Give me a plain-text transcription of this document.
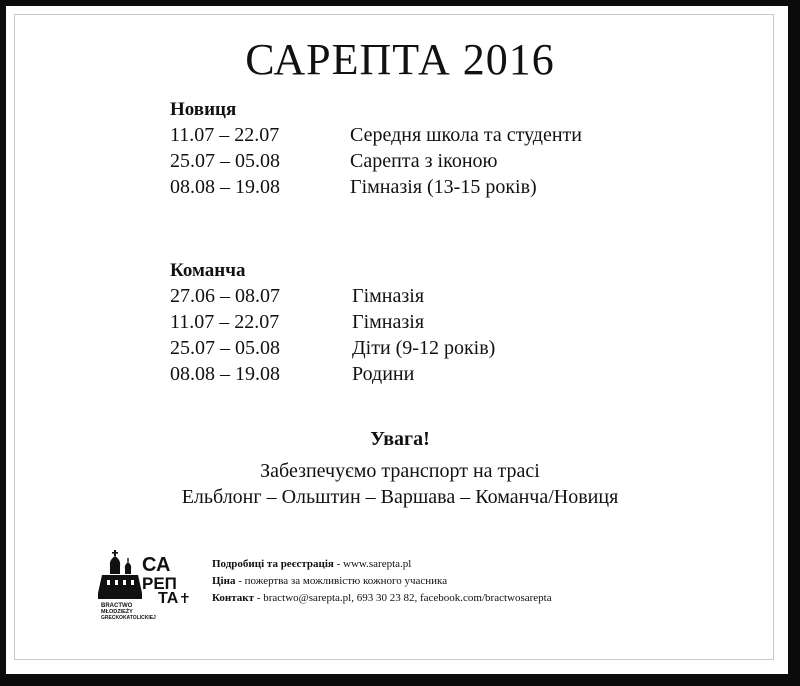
САРЕПТА 2016
Новиця
11.07 – 22.07	Середня школа та студенти
25.07 – 05.08	Сарепта з іконою
08.08 – 19.08	Гімназія (13-15 років)
Команча
27.06 – 08.07	Гімназія
11.07 – 22.07	Гімназія
25.07 – 05.08	Діти (9-12 років)
08.08 – 19.08	Родини
Увага!
Забезпечуємо транспорт на трасі
Ельблонг – Ольштин – Варшава – Команча/Новиця
СА
РЕП
ТА
BRACTWO
MŁODZIEŻY
GRECKOKATOLICKIEJ
Подробиці та реєстрація - www.sarepta.pl
Ціна - пожертва за можливістю кожного учасника
Контакт - bractwo@sarepta.pl, 693 30 23 82, facebook.com/bractwosarepta
